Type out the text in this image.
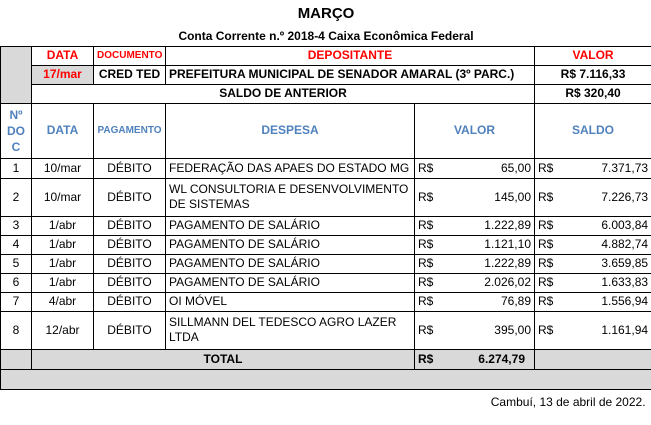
MARÇO					
Conta Corrente n.º 2018-4 Caixa Econômica Federal					
	DATA	DOCUMENTO	DEPOSITANTE		VALOR
	17/mar	CRED TED	PREFEITURA MUNICIPAL DE SENADOR AMARAL (3º PARC.)		R$ 7.116,33
	SALDO DE ANTERIOR				R$ 320,40

Nº
DO
C	DATA	PAGAMENTO	DESPESA	VALOR	SALDO
1	10/mar	DÉBITO	FEDERAÇÃO DAS APAES DO ESTADO MG	R$ 65,00	R$ 7.371,73

2	10/mar	DÉBITO	WL CONSULTORIA E DESENVOLVIMENTO DE SISTEMAS	R$ 145,00	R$ 7.226,73

3	1/abr	DÉBITO	PAGAMENTO DE SALÁRIO	R$ 1.222,89	R$ 6.003,84

4	1/abr	DÉBITO	PAGAMENTO DE SALÁRIO	R$ 1.121,10	R$ 4.882,74

5	1/abr	DÉBITO	PAGAMENTO DE SALÁRIO	R$ 1.222,89	R$ 3.659,85

6	1/abr	DÉBITO	PAGAMENTO DE SALÁRIO	R$ 2.026,02	R$ 1.633,83

7	4/abr	DÉBITO	OI MÓVEL	R$ 76,89	R$ 1.556,94

8	12/abr	DÉBITO	SILLMANN DEL TEDESCO AGRO LAZER LTDA	R$ 395,00	R$ 1.161,94

	TOTAL			R$ 6.274,79	

Cambuí, 13 de abril de 2022.					
